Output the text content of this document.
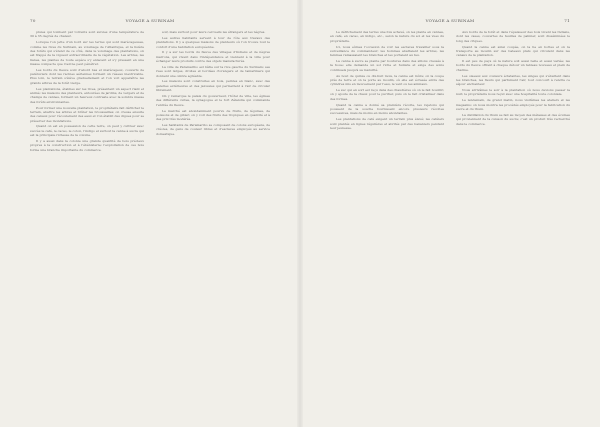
70	VOYAGE A SURINAM

pluies qui tombent par torrents sont suivies d'une température de 30 à 35 degrés de chaleur.

Lorsque l'on jette d'un bord sur les terres qui sont marécageuses, comme les rives du Surinam, au voisinage de l'Atlantique, et la lisière des forêts qui s'étend de ce côté, dans le voisinage des plantations, on est frappé de la vigueur extraordinaire de la végétation. Les arbres, les lianes, les plantes de toute espèce s'y enlacent et s'y pressent en une masse compacte que l'œil ne peut pénétrer.

Les bords du fleuve sont d'abord bas et marécageux, couverts de palétuviers dont les racines aériennes forment un réseau inextricable. Plus loin, le terrain s'élève graduellement et l'on voit apparaître les grands arbres de la forêt vierge.

Les plantations, établies sur les rives, présentent un aspect riant et animé; les maisons des planteurs, entourées de jardins, de vergers et de champs de cannes, forment un heureux contraste avec la sombre masse des forêts environnantes.

Pour former une nouvelle plantation, le propriétaire fait défricher le terrain, abattre les arbres et brûler les broussailles; on creuse ensuite des canaux pour l'écoulement des eaux et l'on établit des digues pour se préserver des inondations.

Quand on est en possession de cette terre, on peut y cultiver avec succès le café, le cacao, le coton, l'indigo et surtout la canne à sucre qui est la principale richesse de la colonie.

Il y a aussi dans la colonie une grande quantité de bois précieux propres à la construction et à l'ébénisterie; l'exploitation de ces bois forme une branche importante du commerce.

soir, mais surtout pour leurs cercueils les étrangers et les nègres.

Les autres habitants servent à tour de rôle aux travaux des plantations. Il y a quelques maisons de planteurs où l'on trouve tout le confort d'une habitation européenne.

Il y a sur les bords du fleuve des villages d'Indiens et de nègres marrons, qui vivent dans l'indépendance et viennent à la ville pour échanger leurs produits contre des objets manufacturés.

La ville de Paramaribo est bâtie sur la rive gauche du Surinam; ses rues sont larges, droites et bordées d'orangers et de tamariniers qui donnent une ombre agréable.

Les maisons sont construites en bois, peintes en blanc, avec des galeries extérieures et des jalousies qui permettent à l'air de circuler librement.

On y remarque le palais du gouverneur, l'hôtel de ville, les églises des différents cultes, la synagogue et le fort Zélandia qui commande l'entrée du fleuve.

Le marché est abondamment pourvu de fruits, de légumes, de poissons et de gibier; on y voit des fruits des tropiques en quantité et à des prix très modérés.

Les habitants de Paramaribo se composent de colons européens, de créoles, de gens de couleur libres et d'esclaves employés au service domestique.

VOYAGE A SURINAM	71

Le défrichement des terres une fois achevé, on les plante en cannes, en café, en cacao, en indigo, etc., selon la nature du sol et les vues du propriétaire.

Ici, nous eûmes l'occasion de voir les esclaves travailler sous la surveillance du commandeur; les hommes abattaient les arbres, les femmes ramassaient les branches et les portaient au feu.

La canne à sucre se plante par boutures dans des sillons creusés à la houe; elle demande un sol riche et humide et exige des soins continuels jusqu'à sa maturité.

Au bout de quinze ou dix-huit mois, la canne est mûre; on la coupe près de terre et on la porte au moulin, où elle est écrasée entre des cylindres mis en mouvement par l'eau, le vent ou les animaux.

Le suc qui en sort est reçu dans des chaudières où on le fait bouillir; on y ajoute de la chaux pour le purifier, puis on le fait cristalliser dans des formes.

Quand la canne a donné sa première récolte, les rejetons qui poussent de la souche fournissent encore plusieurs récoltes successives, mais de moins en moins abondantes.

Les plantations de café exigent un terrain plus élevé; les caféiers sont plantés en lignes régulières et abrités par des bananiers pendant leur jeunesse.

Aux bords de la forêt et dans l'épaisseur des bois vivent les Indiens, dont les cases, couvertes de feuilles de palmier, sont disséminées le long des criques.

Quand la canne est ainsi coupée, on la lie en bottes et on la transporte au moulin sur des bateaux plats qui circulent dans les canaux de la plantation.

Il est peu de pays où la nature soit aussi belle et aussi variée; les bords du fleuve offrent à chaque détour un tableau nouveau et plein de charme.

Les oiseaux aux couleurs éclatantes, les singes qui s'ébattent dans les branches, les fleurs qui parfument l'air, tout concourt à rendre ce séjour enchanteur.

Nous arrivâmes le soir à la plantation où nous devions passer la nuit; le propriétaire nous reçut avec une hospitalité toute coloniale.

Le lendemain, de grand matin, nous visitâmes les ateliers et les magasins; on nous montra les procédés employés pour la fabrication du sucre et du rhum.

La distillation du rhum se fait au moyen des mélasses et des écumes qui proviennent de la cuisson du sucre; c'est un produit très recherché dans le commerce.
